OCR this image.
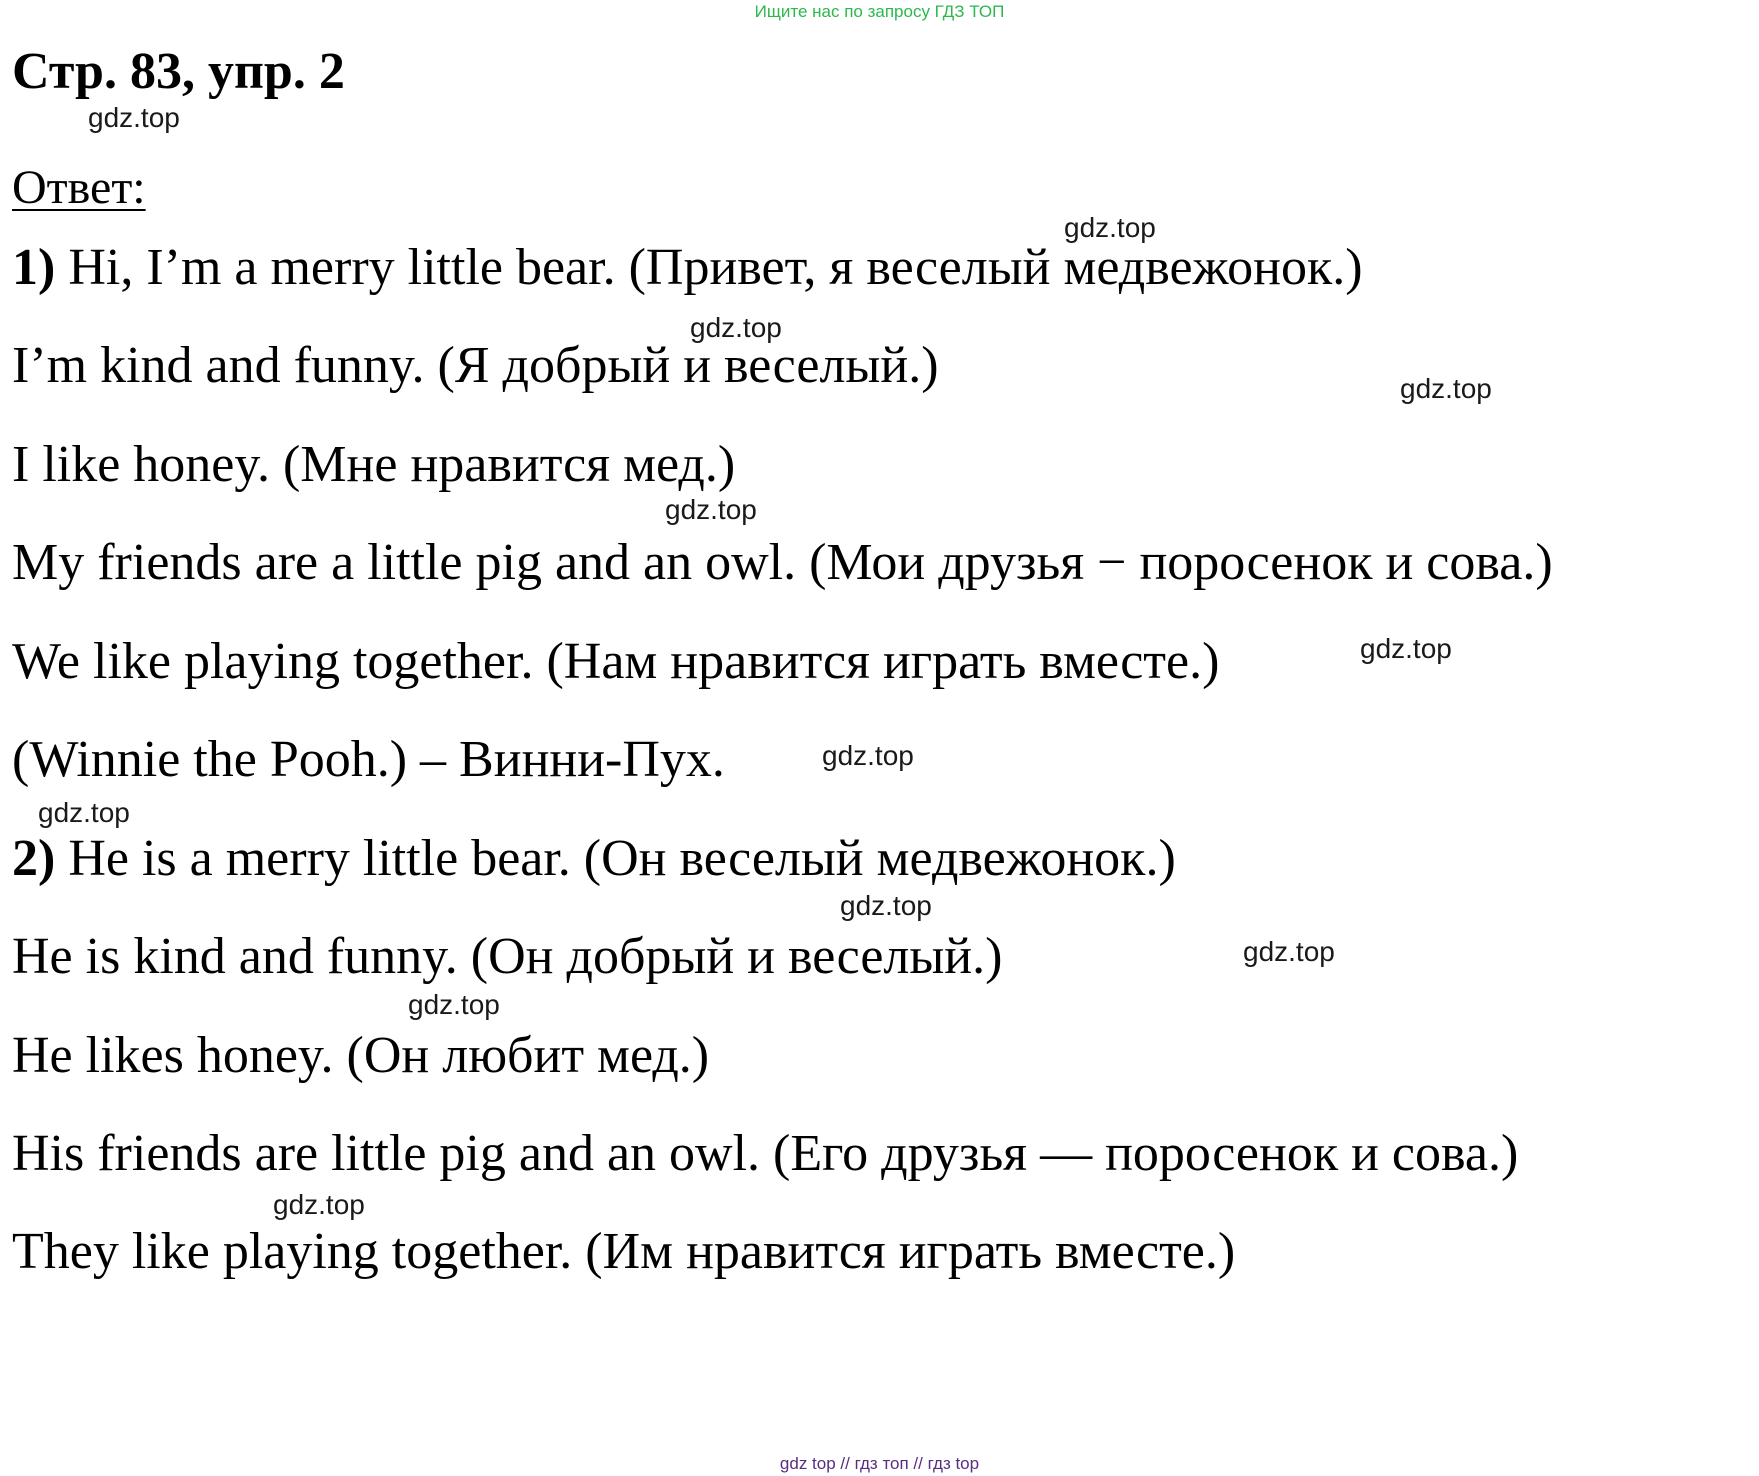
Ищите нас по запросу ГДЗ ТОП
Стр. 83, упр. 2
gdz.top
Ответ:
gdz.top
1) Hi, I’m a merry little bear. (Привет, я веселый медвежонок.)
gdz.top
I’m kind and funny. (Я добрый и веселый.)	gdz.top
I like honey. (Мне нравится мед.)
gdz.top
My friends are a little pig and an owl. (Мои друзья − поросенок и сова.)
We like playing together. (Нам нравится играть вместе.)	gdz.top
(Winnie the Pooh.) – Винни-Пух.	gdz.top
gdz.top
2) He is a merry little bear. (Он веселый медвежонок.)
gdz.top
He is kind and funny. (Он добрый и веселый.)	gdz.top
gdz.top
He likes honey. (Он любит мед.)
His friends are little pig and an owl. (Его друзья — поросенок и сова.)
gdz.top
They like playing together. (Им нравится играть вместе.)
gdz top // гдз топ // гдз top
